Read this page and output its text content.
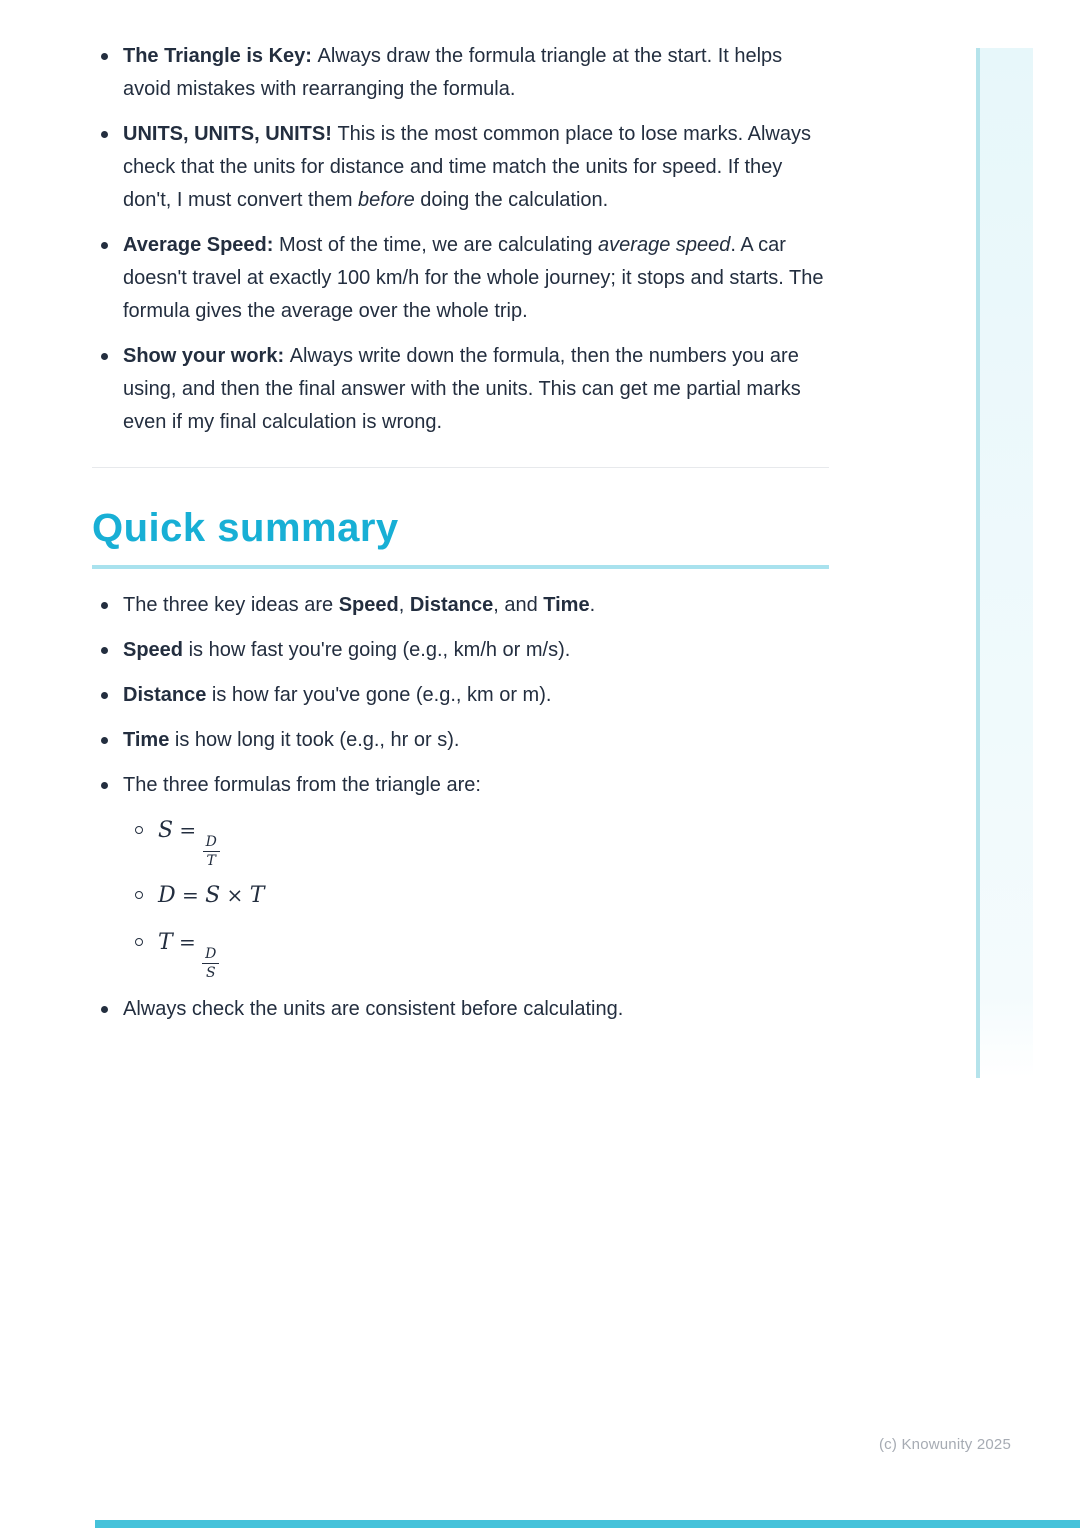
The Triangle is Key: Always draw the formula triangle at the start. It helps avoid mistakes with rearranging the formula.
UNITS, UNITS, UNITS! This is the most common place to lose marks. Always check that the units for distance and time match the units for speed. If they don't, I must convert them before doing the calculation.
Average Speed: Most of the time, we are calculating average speed. A car doesn't travel at exactly 100 km/h for the whole journey; it stops and starts. The formula gives the average over the whole trip.
Show your work: Always write down the formula, then the numbers you are using, and then the final answer with the units. This can get me partial marks even if my final calculation is wrong.
Quick summary
The three key ideas are Speed, Distance, and Time.
Speed is how fast you're going (e.g., km/h or m/s).
Distance is how far you've gone (e.g., km or m).
Time is how long it took (e.g., hr or s).
The three formulas from the triangle are:
S =
$\frac{D}{T}$
D = S × T
T =
$\frac{D}{S}$
Always check the units are consistent before calculating.
(c) Knowunity 2025
